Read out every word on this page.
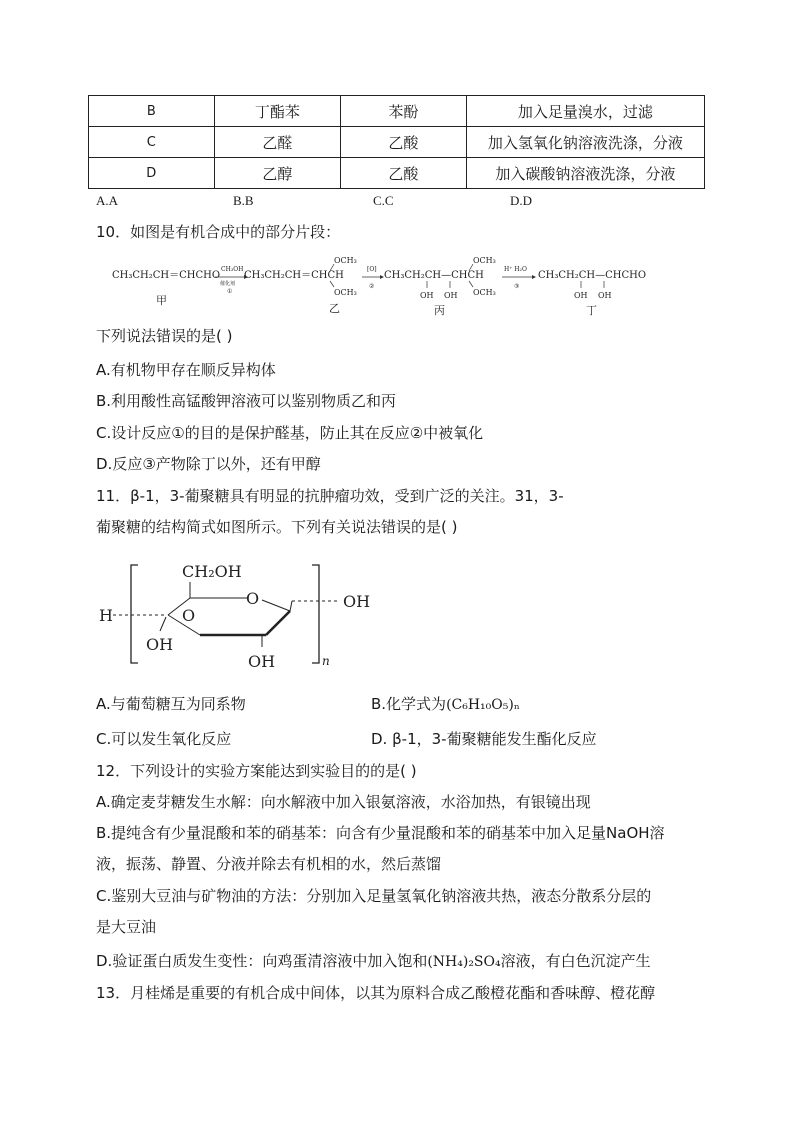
B	丁酯苯	苯酚	加入足量溴水，过滤
C	乙醛	乙酸	加入氢氧化钠溶液洗涤，分液
D	乙醇	乙酸	加入碳酸钠溶液洗涤，分液
A.A	B.B	C.C	D.D
10．如图是有机合成中的部分片段：
CH₃CH₂CH＝CHCHO
甲
CH₃OH
催化剂
①
CH₃CH₂CH＝CHCH
OCH₃
OCH₃
乙
[O]
②
CH₃CH₂CH—CHCH
OH OH
OCH₃
OCH₃
丙
H⁺ H₂O
③
CH₃CH₂CH—CHCHO
OH OH
丁
下列说法错误的是( )
A.有机物甲存在顺反异构体
B.利用酸性高锰酸钾溶液可以鉴别物质乙和丙
C.设计反应①的目的是保护醛基，防止其在反应②中被氧化
D.反应③产物除丁以外，还有甲醇
11．β-1，3-葡聚糖具有明显的抗肿瘤功效，受到广泛的关注。31，3-
葡聚糖的结构简式如图所示。下列有关说法错误的是( )
n
CH₂OH
O
O
H
OH
OH
OH
A.与葡萄糖互为同系物	B.化学式为(C₆H₁₀O₅)ₙ
C.可以发生氧化反应	D. β-1，3-葡聚糖能发生酯化反应
12．下列设计的实验方案能达到实验目的的是( )
A.确定麦芽糖发生水解：向水解液中加入银氨溶液，水浴加热，有银镜出现
B.提纯含有少量混酸和苯的硝基苯：向含有少量混酸和苯的硝基苯中加入足量NaOH溶
液，振荡、静置、分液并除去有机相的水，然后蒸馏
C.鉴别大豆油与矿物油的方法：分别加入足量氢氧化钠溶液共热，液态分散系分层的
是大豆油
D.验证蛋白质发生变性：向鸡蛋清溶液中加入饱和(NH₄)₂SO₄溶液，有白色沉淀产生
13．月桂烯是重要的有机合成中间体，以其为原料合成乙酸橙花酯和香味醇、橙花醇
